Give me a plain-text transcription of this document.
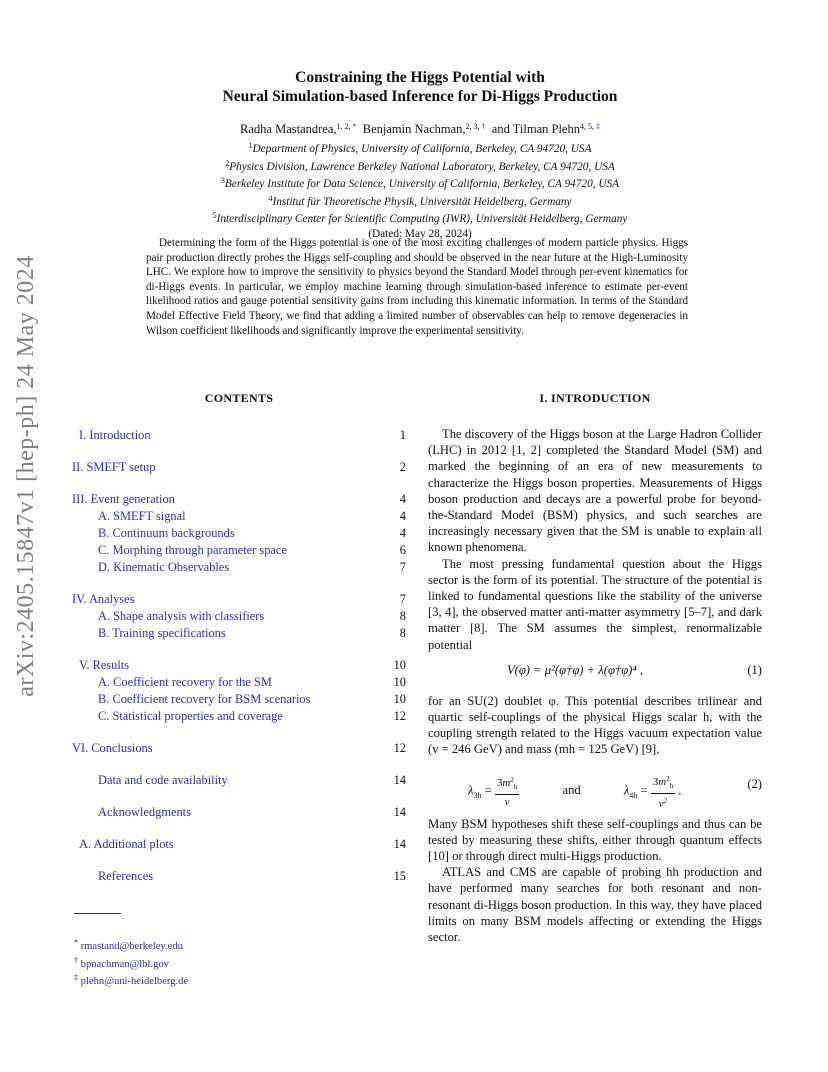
arXiv:2405.15847v1 [hep-ph] 24 May 2024
Constraining the Higgs Potential with
Neural Simulation-based Inference for Di-Higgs Production
Radha Mastandrea,$^{1, 2,}$ * Benjamin Nachman,$^{2, 3,}$ † and Tilman Plehn$^{4, 5,}$ ‡
$^1$Department of Physics, University of California, Berkeley, CA 94720, USA
$^2$Physics Division, Lawrence Berkeley National Laboratory, Berkeley, CA 94720, USA
$^3$Berkeley Institute for Data Science, University of California, Berkeley, CA 94720, USA
$^4$Institut für Theoretische Physik, Universität Heidelberg, Germany
$^5$Interdisciplinary Center for Scientific Computing (IWR), Universität Heidelberg, Germany
(Dated: May 28, 2024)
Determining the form of the Higgs potential is one of the most exciting challenges of modern particle physics. Higgs pair production directly probes the Higgs self-coupling and should be observed in the near future at the High-Luminosity LHC. We explore how to improve the sensitivity to physics beyond the Standard Model through per-event kinematics for di-Higgs events. In particular, we employ machine learning through simulation-based inference to estimate per-event likelihood ratios and gauge potential sensitivity gains from including this kinematic information. In terms of the Standard Model Effective Field Theory, we find that adding a limited number of observables can help to remove degeneracies in Wilson coefficient likelihoods and significantly improve the experimental sensitivity.
CONTENTS
I. Introduction	1
II. SMEFT setup	2
III. Event generation	4
A. SMEFT signal	4
B. Continuum backgrounds	4
C. Morphing through parameter space	6
D. Kinematic Observables	7
IV. Analyses	7
A. Shape analysis with classifiers	8
B. Training specifications	8
V. Results	10
A. Coefficient recovery for the SM	10
B. Coefficient recovery for BSM scenarios	10
C. Statistical properties and coverage	12
VI. Conclusions	12
Data and code availability	14
Acknowledgments	14
A. Additional plots	14
References	15
I. INTRODUCTION

The discovery of the Higgs boson at the Large Hadron Collider (LHC) in 2012 [1, 2] completed the Standard Model (SM) and marked the beginning of an era of new measurements to characterize the Higgs boson properties. Measurements of Higgs boson production and decays are a powerful probe for beyond-the-Standard Model (BSM) physics, and such searches are increasingly necessary given that the SM is unable to explain all known phenomena.

The most pressing fundamental question about the Higgs sector is the form of its potential. The structure of the potential is linked to fundamental questions like the stability of the universe [3, 4], the observed matter anti-matter asymmetry [5–7], and dark matter [8]. The SM assumes the simplest, renormalizable potential

V(φ) = μ²(φ†φ) + λ(φ†φ)⁴ ,	(1)

for an SU(2) doublet φ. This potential describes trilinear and quartic self-couplings of the physical Higgs scalar h, with the coupling strength related to the Higgs vacuum expectation value (v = 246 GeV) and mass (mh = 125 GeV) [9],

$\lambda_{3h} = \frac{3m^2_h}{v}$	and	$\lambda_{4h} = \frac{3m^2_h}{v^2}$ .	(2)

Many BSM hypotheses shift these self-couplings and thus can be tested by measuring these shifts, either through quantum effects [10] or through direct multi-Higgs production.

ATLAS and CMS are capable of probing hh production and have performed many searches for both resonant and non-resonant di-Higgs boson production. In this way, they have placed limits on many BSM models affecting or extending the Higgs sector.

* rmastand@berkeley.edu
† bpnachman@lbl.gov
‡ plehn@uni-heidelberg.de
